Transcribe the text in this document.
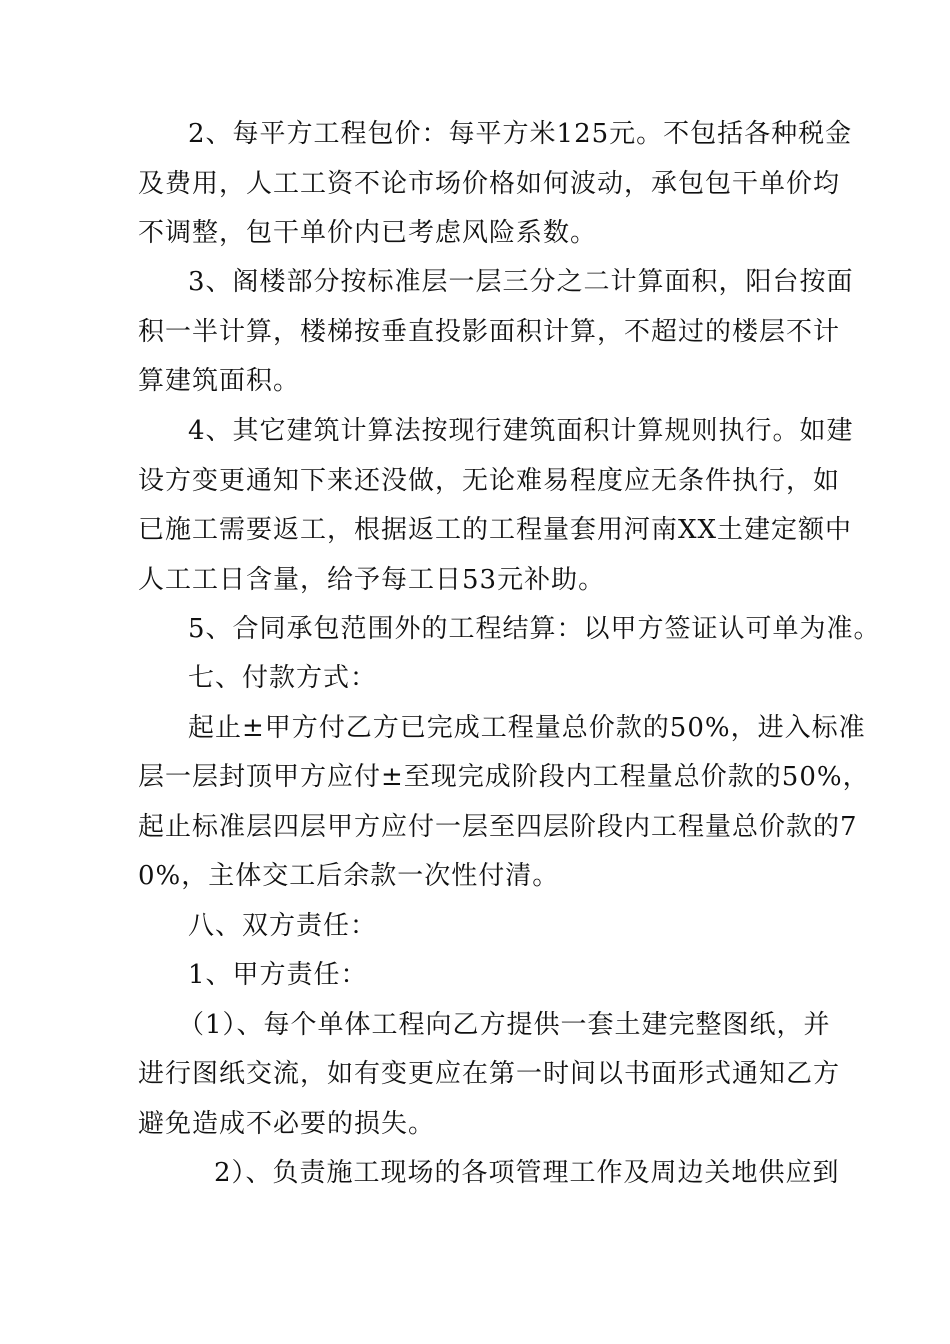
2、每平方工程包价：每平方米125元。不包括各种税金
及费用，人工工资不论市场价格如何波动，承包包干单价均
不调整，包干单价内已考虑风险系数。
3、阁楼部分按标准层一层三分之二计算面积，阳台按面
积一半计算，楼梯按垂直投影面积计算，不超过的楼层不计
算建筑面积。
4、其它建筑计算法按现行建筑面积计算规则执行。如建
设方变更通知下来还没做，无论难易程度应无条件执行，如
已施工需要返工，根据返工的工程量套用河南XX土建定额中
人工工日含量，给予每工日53元补助。
5、合同承包范围外的工程结算：以甲方签证认可单为准。
七、付款方式：
起止±甲方付乙方已完成工程量总价款的50%，进入标准
层一层封顶甲方应付±至现完成阶段内工程量总价款的50%，
起止标准层四层甲方应付一层至四层阶段内工程量总价款的7
0%，主体交工后余款一次性付清。
八、双方责任：
1、甲方责任：
（1）、每个单体工程向乙方提供一套土建完整图纸，并
进行图纸交流，如有变更应在第一时间以书面形式通知乙方
避免造成不必要的损失。
2）、负责施工现场的各项管理工作及周边关地供应到
